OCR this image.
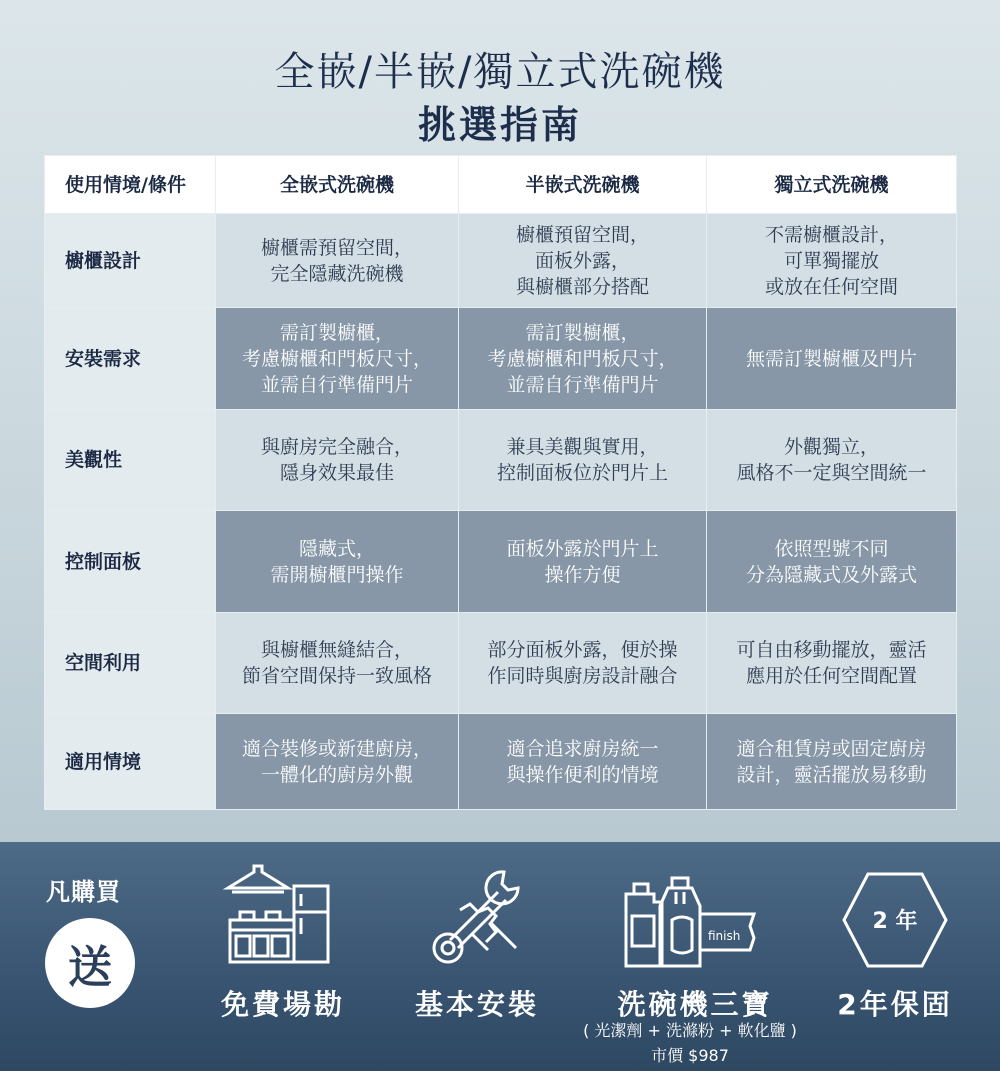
全嵌/半嵌/獨立式洗碗機
挑選指南
使用情境/條件	全嵌式洗碗機	半嵌式洗碗機	獨立式洗碗機
櫥櫃設計	櫥櫃需預留空間，
完全隱藏洗碗機	櫥櫃預留空間，
面板外露，
與櫥櫃部分搭配	不需櫥櫃設計，
可單獨擺放
或放在任何空間
安裝需求	需訂製櫥櫃，
考慮櫥櫃和門板尺寸，
並需自行準備門片	需訂製櫥櫃，
考慮櫥櫃和門板尺寸，
並需自行準備門片	無需訂製櫥櫃及門片
美觀性	與廚房完全融合，
隱身效果最佳	兼具美觀與實用，
控制面板位於門片上	外觀獨立，
風格不一定與空間統一
控制面板	隱藏式，
需開櫥櫃門操作	面板外露於門片上
操作方便	依照型號不同
分為隱藏式及外露式
空間利用	與櫥櫃無縫結合，
節省空間保持一致風格	部分面板外露，便於操
作同時與廚房設計融合	可自由移動擺放，靈活
應用於任何空間配置
適用情境	適合裝修或新建廚房，
一體化的廚房外觀	適合追求廚房統一
與操作便利的情境	適合租賃房或固定廚房
設計，靈活擺放易移動
凡購買
送
免費場勘 基本安裝
finish
洗碗機三寶
( 光潔劑 + 洗滌粉 + 軟化鹽 )
市價 $987
2 年
2年保固
